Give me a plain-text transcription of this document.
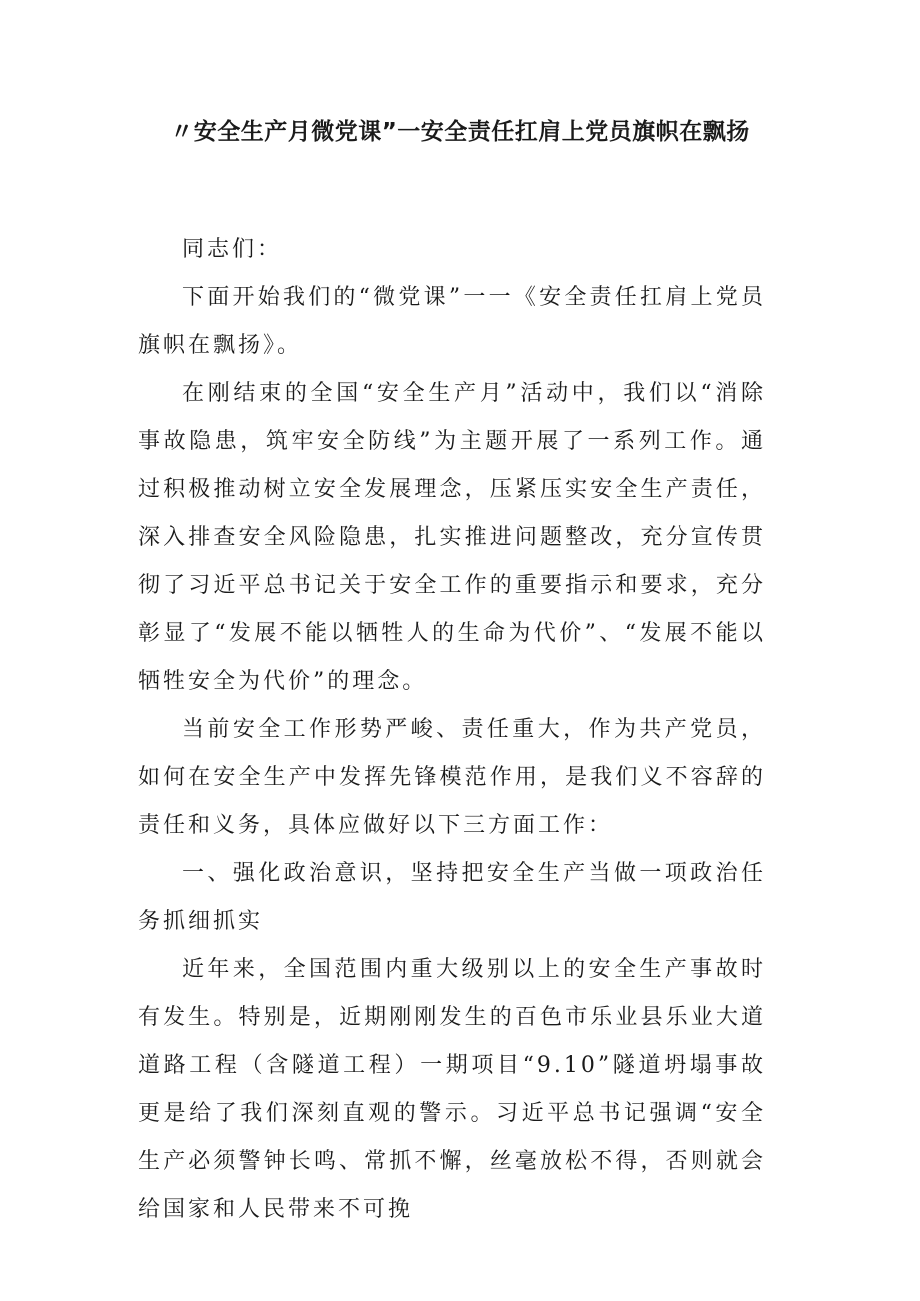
〃安全生产月微党课”一安全责任扛肩上党员旗帜在飘扬

同志们：

下面开始我们的“微党课”一一《安全责任扛肩上党员旗帜在飘扬》。

在刚结束的全国“安全生产月”活动中，我们以“消除事故隐患，筑牢安全防线”为主题开展了一系列工作。通过积极推动树立安全发展理念，压紧压实安全生产责任，深入排查安全风险隐患，扎实推进问题整改，充分宣传贯彻了习近平总书记关于安全工作的重要指示和要求，充分彰显了“发展不能以牺牲人的生命为代价”、“发展不能以牺牲安全为代价”的理念。

当前安全工作形势严峻、责任重大，作为共产党员，如何在安全生产中发挥先锋模范作用，是我们义不容辞的责任和义务，具体应做好以下三方面工作：

一、强化政治意识，坚持把安全生产当做一项政治任务抓细抓实

近年来，全国范围内重大级别以上的安全生产事故时有发生。特别是，近期刚刚发生的百色市乐业县乐业大道道路工程（含隧道工程）一期项目“9.10”隧道坍塌事故更是给了我们深刻直观的警示。习近平总书记强调“安全生产必须警钟长鸣、常抓不懈，丝毫放松不得，否则就会给国家和人民带来不可挽
